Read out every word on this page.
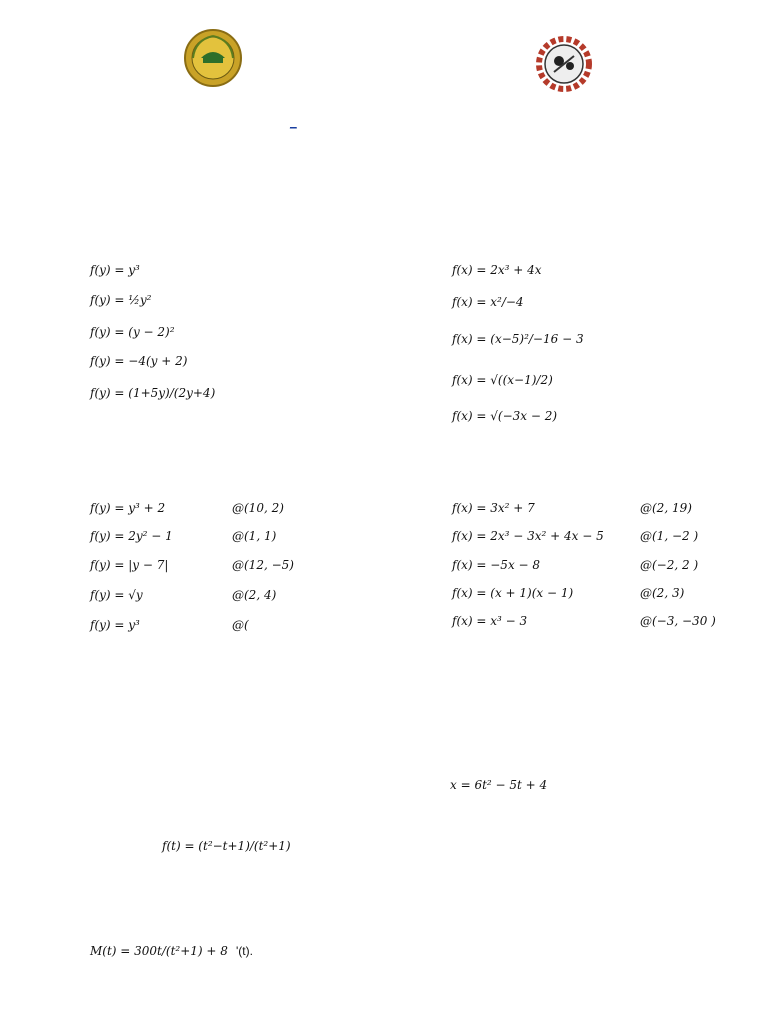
_
f(y) = y³
f(y) = ½y²
f(y) = (y − 2)²
f(y) = −4(y + 2)
f(y) = (1+5y)/(2y+4)
f(x) = 2x³ + 4x
f(x) = x²/−4
f(x) = (x−5)²/−16 − 3
f(x) = √((x−1)/2)
f(x) = √(−3x − 2)
f(y) = y³ + 2	@(10, 2)
f(y) = 2y² − 1	@(1, 1)
f(y) = |y − 7|	@(12, −5)
f(y) = √y	@(2, 4)
f(y) = y³	@(
f(x) = 3x² + 7	@(2, 19)
f(x) = 2x³ − 3x² + 4x − 5	@(1, −2 )
f(x) = −5x − 8	@(−2, 2 )
f(x) = (x + 1)(x − 1)	@(2, 3)
f(x) = x³ − 3	@(−3, −30 )
x = 6t² − 5t + 4
f(t) = (t²−t+1)/(t²+1)
M(t) = 300t/(t²+1) + 8 '(t).
